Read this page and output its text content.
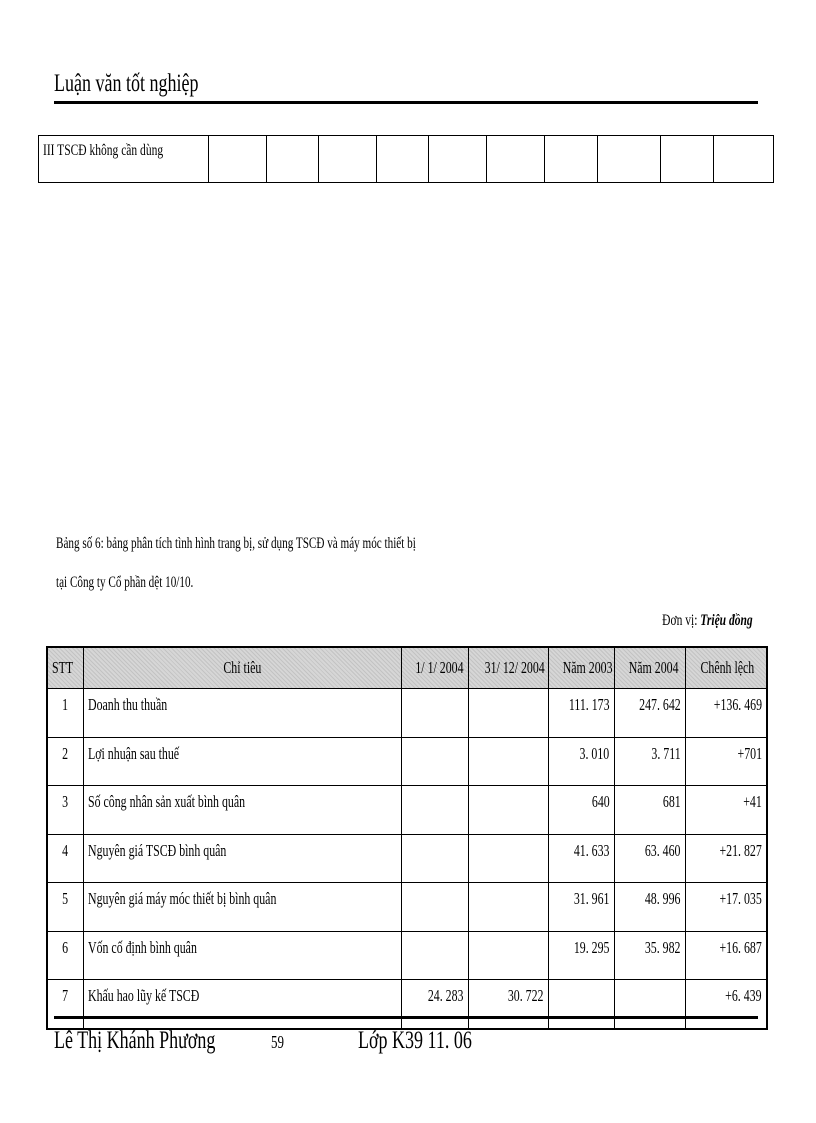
Luận văn tốt nghiệp
III TSCĐ không cần dùng										
Bảng số 6: bảng phân tích tình hình trang bị, sử dụng TSCĐ và máy móc thiết bị
tại Công ty Cổ phần dệt 10/10.
Đơn vị: Triệu đồng
STT	Chỉ tiêu	1/ 1/ 2004	31/ 12/ 2004	Năm 2003	Năm 2004	Chênh lệch
1	Doanh thu thuần			111. 173	247. 642	+136. 469
2	Lợi nhuận sau thuế			3. 010	3. 711	+701
3	Số công nhân sản xuất bình quân			640	681	+41
4	Nguyên giá TSCĐ bình quân			41. 633	63. 460	+21. 827
5	Nguyên giá máy móc thiết bị bình quân			31. 961	48. 996	+17. 035
6	Vốn cố định bình quân			19. 295	35. 982	+16. 687
7	Khấu hao lũy kế TSCĐ	24. 283	30. 722			+6. 439
Lê Thị Khánh Phương	59	Lớp K39 11. 06
